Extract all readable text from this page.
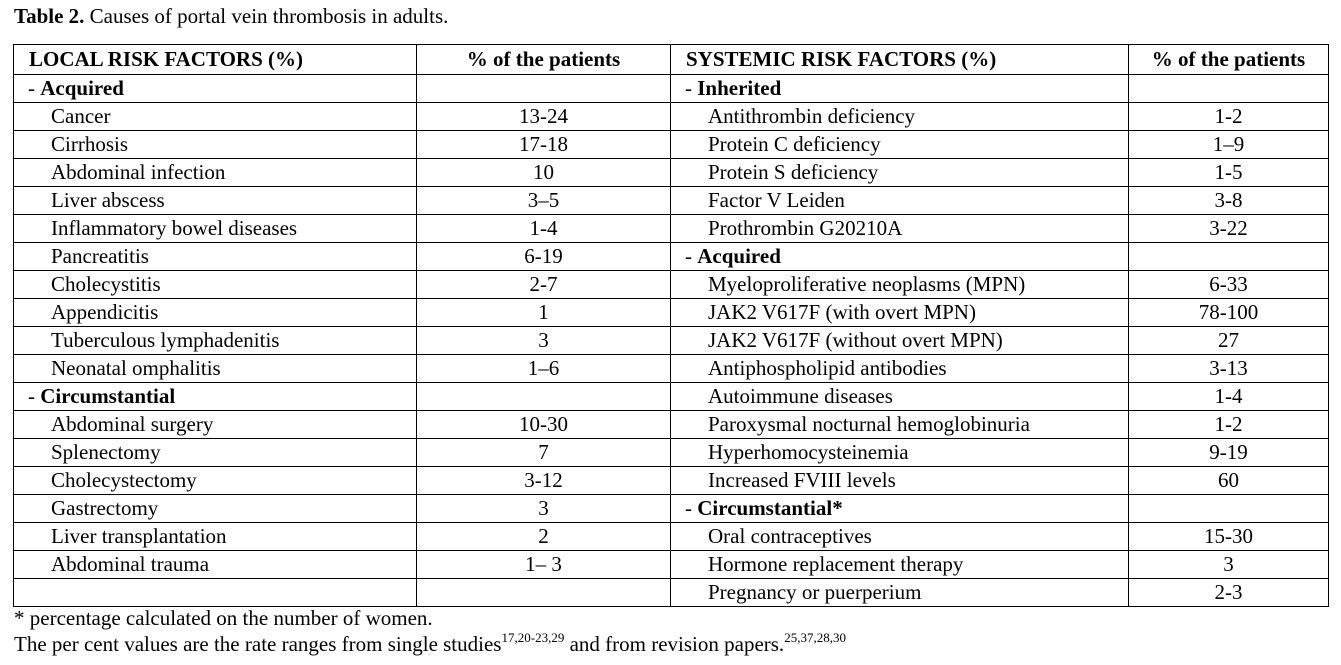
Table 2. Causes of portal vein thrombosis in adults.
LOCAL RISK FACTORS (%)	% of the patients	SYSTEMIC RISK FACTORS (%)	% of the patients
- Acquired		- Inherited	
Cancer	13-24	Antithrombin deficiency	1-2
Cirrhosis	17-18	Protein C deficiency	1–9
Abdominal infection	10	Protein S deficiency	1-5
Liver abscess	3–5	Factor V Leiden	3-8
Inflammatory bowel diseases	1-4	Prothrombin G20210A	3-22
Pancreatitis	6-19	- Acquired	
Cholecystitis	2-7	Myeloproliferative neoplasms (MPN)	6-33
Appendicitis	1	JAK2 V617F (with overt MPN)	78-100
Tuberculous lymphadenitis	3	JAK2 V617F (without overt MPN)	27
Neonatal omphalitis	1–6	Antiphospholipid antibodies	3-13
- Circumstantial		Autoimmune diseases	1-4
Abdominal surgery	10-30	Paroxysmal nocturnal hemoglobinuria	1-2
Splenectomy	7	Hyperhomocysteinemia	9-19
Cholecystectomy	3-12	Increased FVIII levels	60
Gastrectomy	3	- Circumstantial*	
Liver transplantation	2	Oral contraceptives	15-30
Abdominal trauma	1– 3	Hormone replacement therapy	3
		Pregnancy or puerperium	2-3
* percentage calculated on the number of women.
The per cent values are the rate ranges from single studies$^{17,20-23,29}$ and from revision papers.$^{25,37,28,30}$
